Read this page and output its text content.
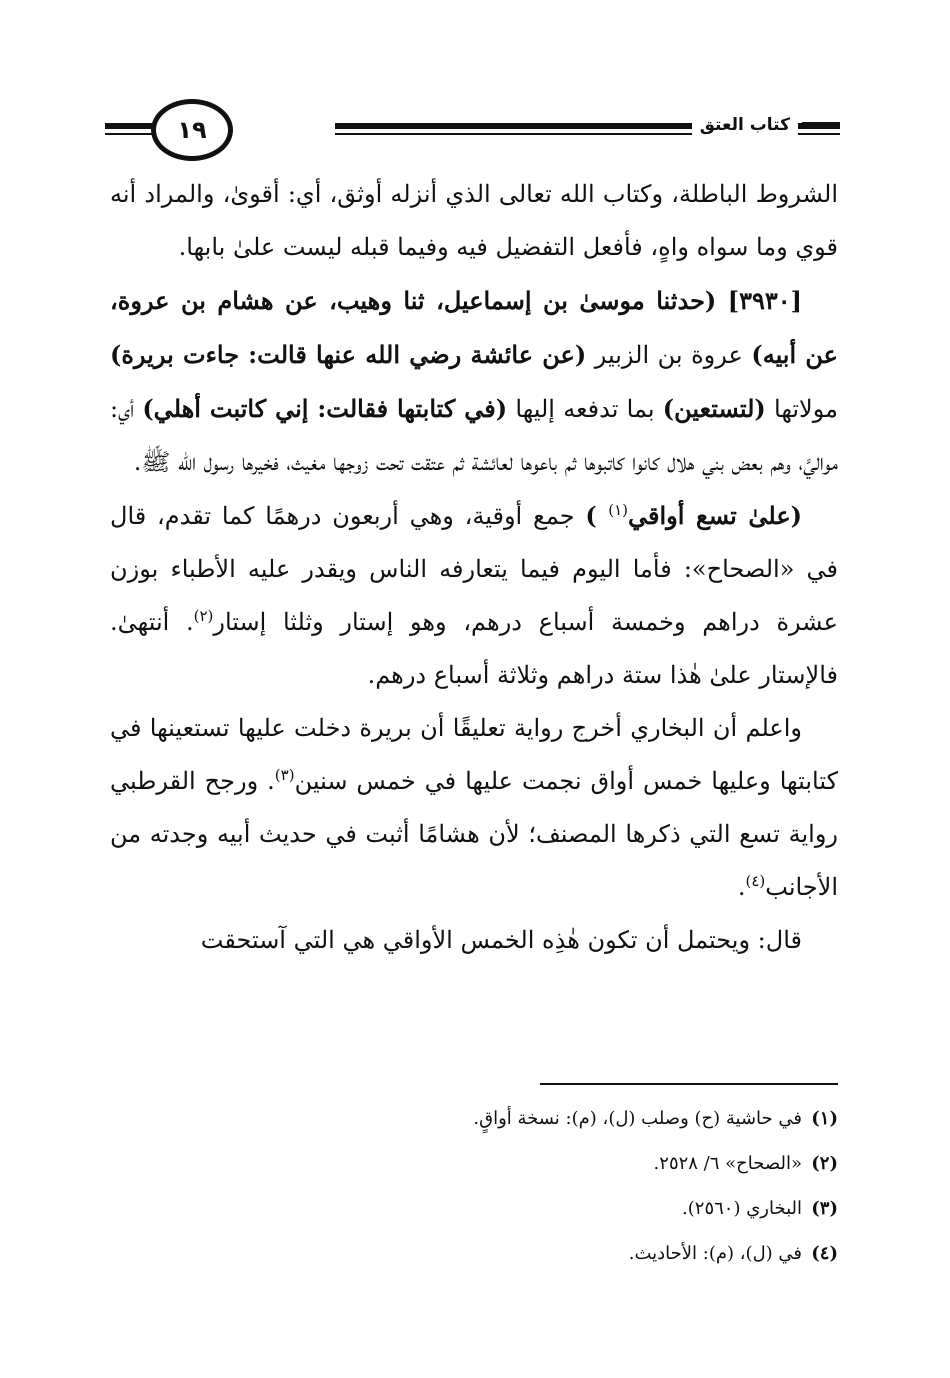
١٩	كتاب العتق

الشروط الباطلة، وكتاب الله تعالى الذي أنزله أوثق، أي: أقوىٰ، والمراد أنه قوي وما سواه واهٍ، فأفعل التفضيل فيه وفيما قبله ليست علىٰ بابها.

[٣٩٣٠] (حدثنا موسىٰ بن إسماعيل، ثنا وهيب، عن هشام بن عروة، عن أبيه) عروة بن الزبير (عن عائشة رضي الله عنها قالت: جاءت بريرة) مولاتها (لتستعين) بما تدفعه إليها (في كتابتها فقالت: إني كاتبت أهلي) أي: مواليَّ، وهم بعض بني هلال كانوا كاتبوها ثم باعوها لعائشة ثم عتقت تحت زوجها مغيث، فخيرها رسول الله ﷺ.

(علىٰ تسع أواقي$^{(١)}$ ) جمع أوقية، وهي أربعون درهمًا كما تقدم، قال في «الصحاح»: فأما اليوم فيما يتعارفه الناس ويقدر عليه الأطباء بوزن عشرة دراهم وخمسة أسباع درهم، وهو إستار وثلثا إستار$^{(٢)}$. أنتهىٰ. فالإستار علىٰ هٰذا ستة دراهم وثلاثة أسباع درهم.

واعلم أن البخاري أخرج رواية تعليقًا أن بريرة دخلت عليها تستعينها في كتابتها وعليها خمس أواق نجمت عليها في خمس سنين$^{(٣)}$. ورجح القرطبي رواية تسع التي ذكرها المصنف؛ لأن هشامًا أثبت في حديث أبيه وجدته من الأجانب$^{(٤)}$.

قال: ويحتمل أن تكون هٰذِه الخمس الأواقي هي التي آستحقت

(١)في حاشية (ح) وصلب (ل)، (م): نسخة أواقٍ.

(٢)«الصحاح» ٦/ ٢٥٢٨.

(٣)البخاري (٢٥٦٠).

(٤)في (ل)، (م): الأحاديث.
